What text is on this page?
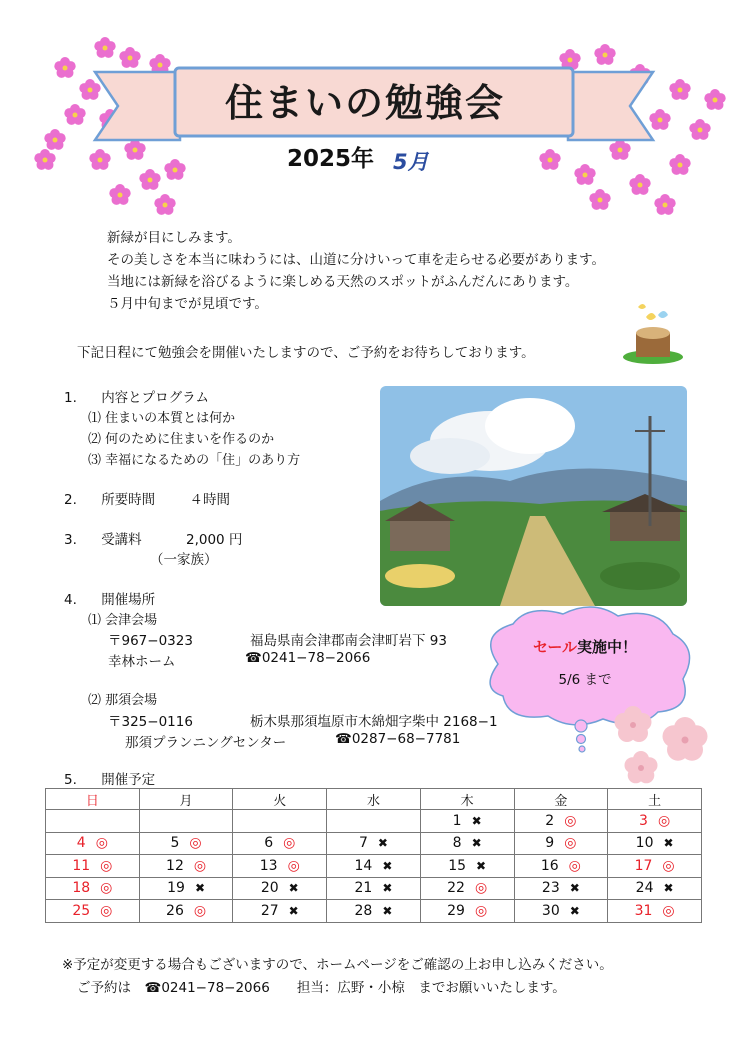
住まいの勉強会
2025年 5月

新緑が目にしみます。

その美しさを本当に味わうには、山道に分けいって車を走らせる必要があります。

当地には新緑を浴びるように楽しめる天然のスポットがふんだんにあります。

５月中旬までが見頃です。

下記日程にて勉強会を開催いたしますので、ご予約をお待ちしております。
1. 内容とプログラム
⑴ 住まいの本質とは何か
⑵ 何のために住まいを作るのか
⑶ 幸福になるための「住」のあり方
2. 所要時間	４時間
3. 受講料	2,000 円
（一家族）
4. 開催場所
⑴ 会津会場
〒967−0323	福島県南会津郡南会津町岩下 93
幸林ホーム	☎0241−78−2066
⑵ 那須会場
〒325−0116	栃木県那須塩原市木綿畑字柴中 2168−1
那須プランニングセンター	☎0287−68−7781
セール実施中！
5/6 まで
5. 開催予定
日	月	火	水	木	金	土
				1 ✖	2 ◎	3 ◎
4 ◎	5 ◎	6 ◎	7 ✖	8 ✖	9 ◎	10 ✖
11 ◎	12 ◎	13 ◎	14 ✖	15 ✖	16 ◎	17 ◎
18 ◎	19 ✖	20 ✖	21 ✖	22 ◎	23 ✖	24 ✖
25 ◎	26 ◎	27 ✖	28 ✖	29 ◎	30 ✖	31 ◎
※予定が変更する場合もございますので、ホームページをご確認の上お申し込みください。
ご予約は　☎0241−78−2066　　担当：広野・小椋　までお願いいたします。
